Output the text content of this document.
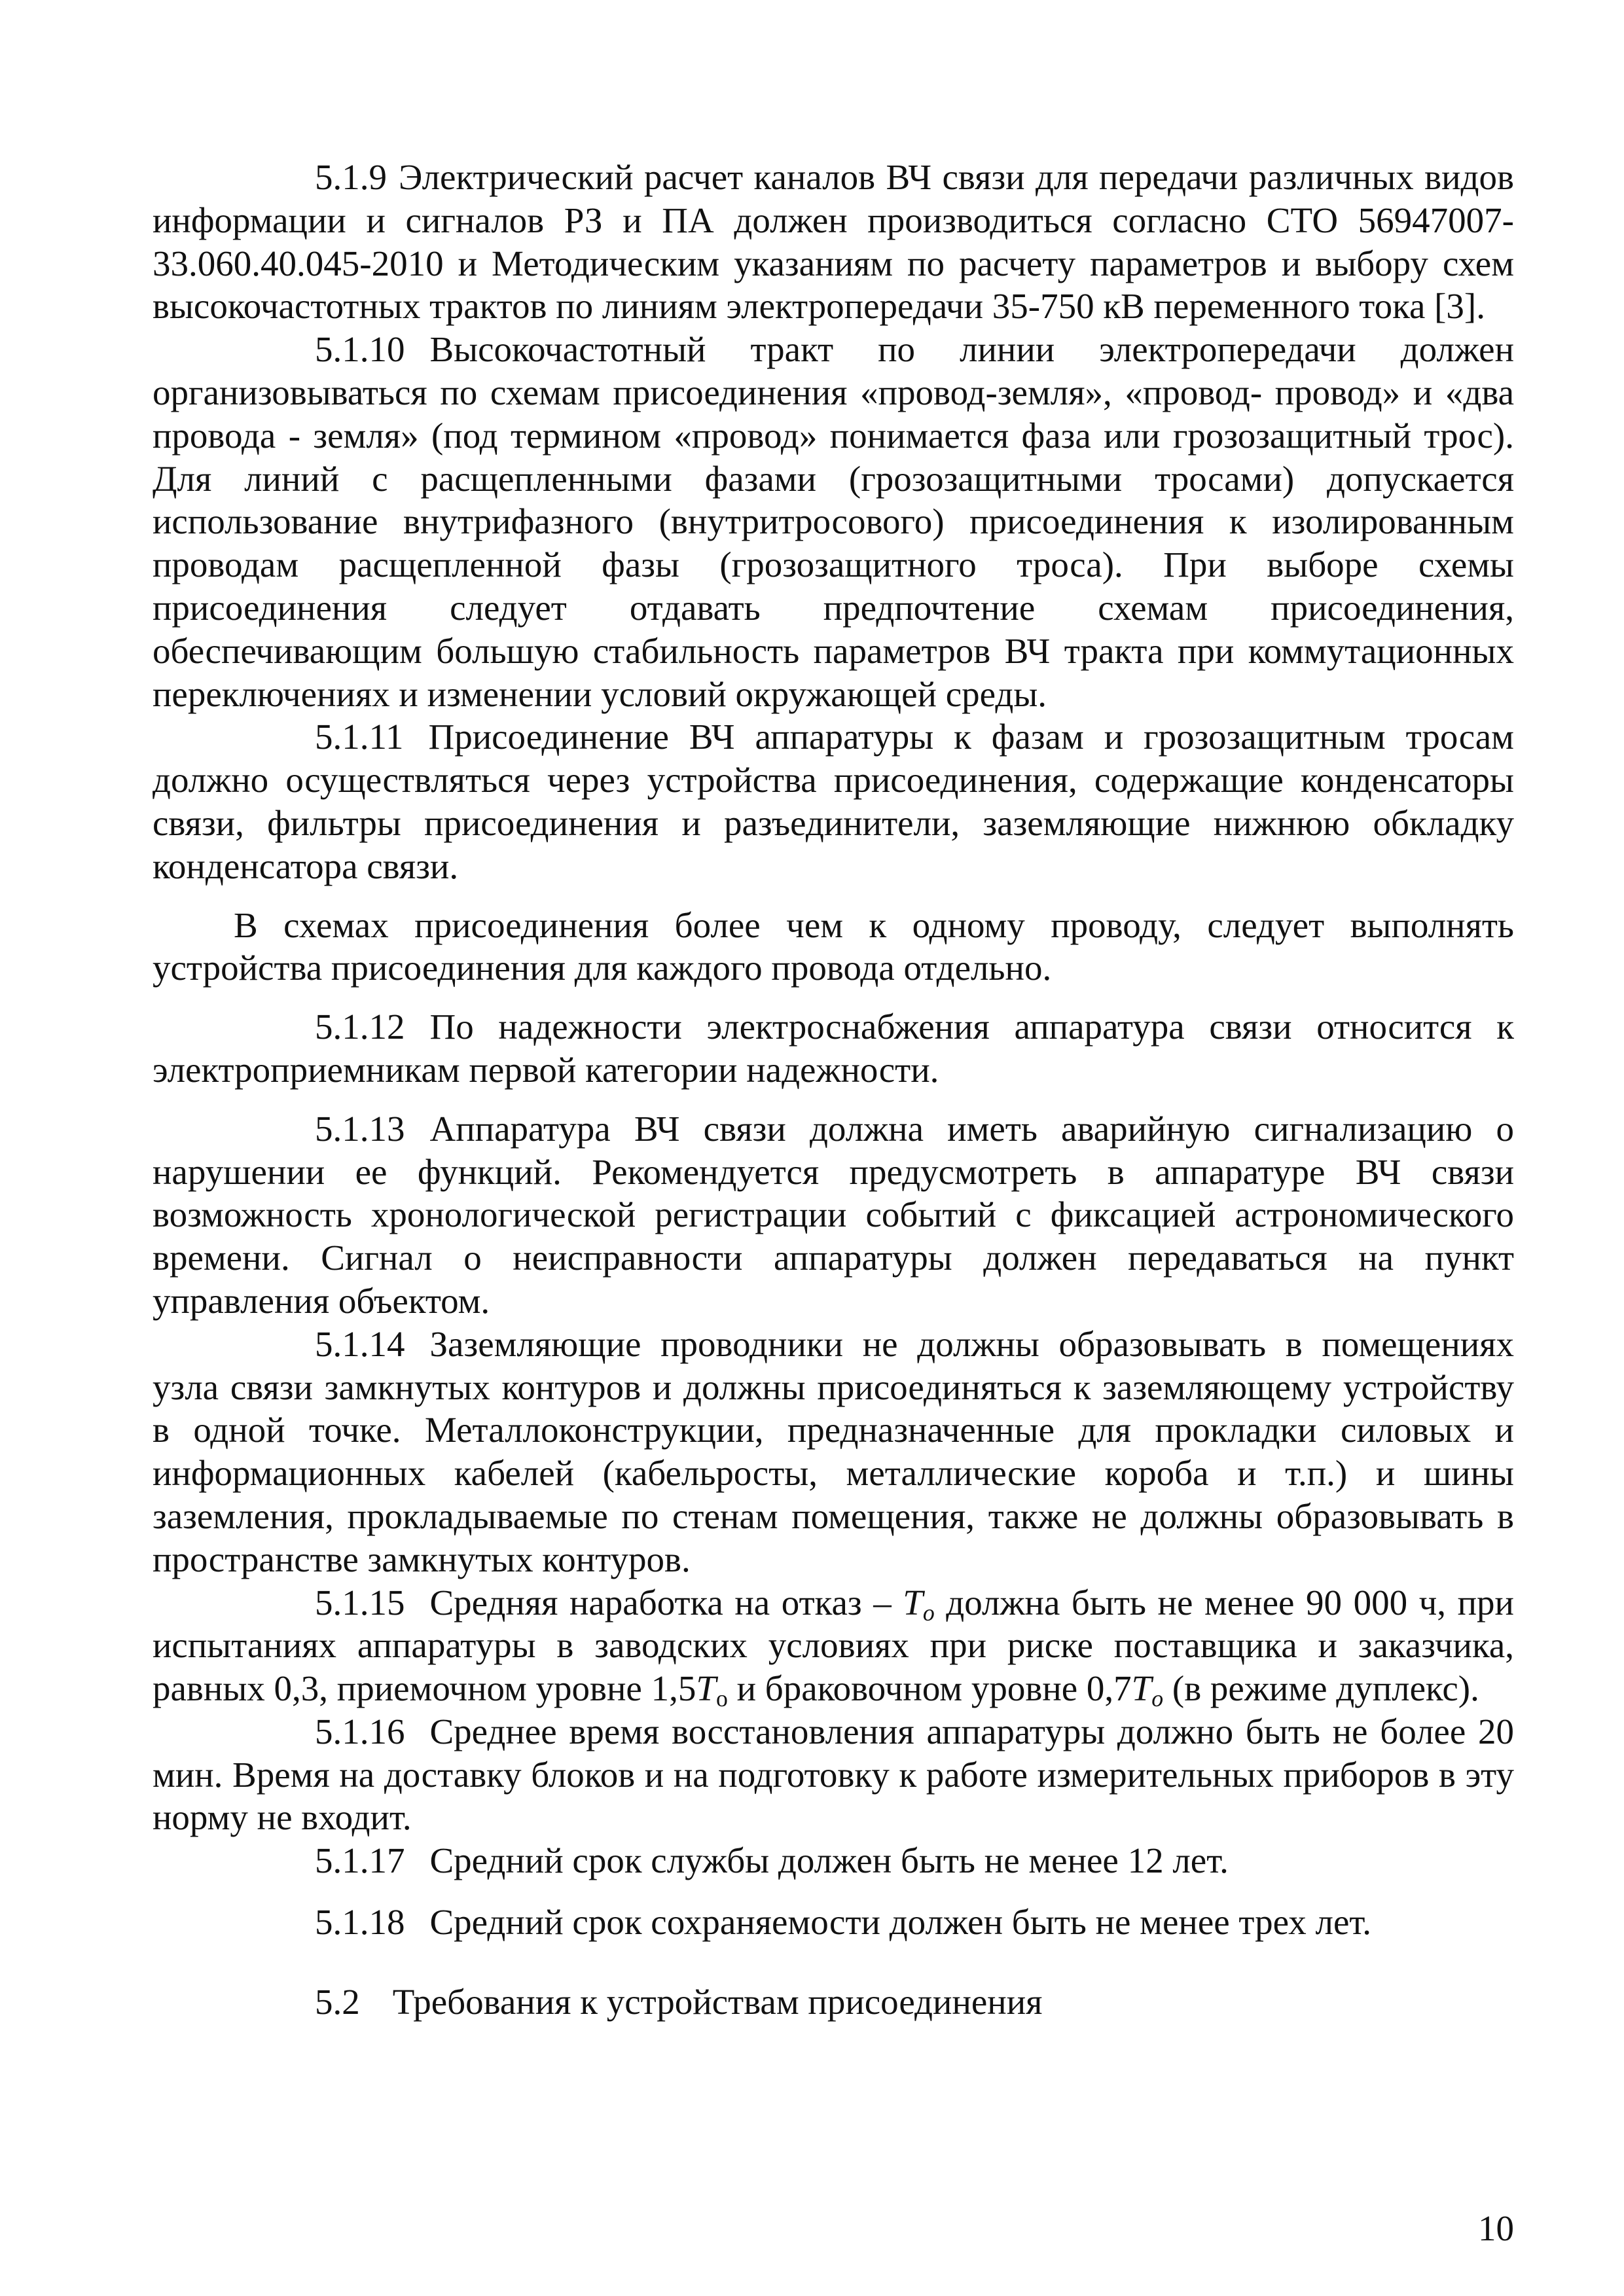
5.1.9 Электрический расчет каналов ВЧ связи для передачи различных видов информации и сигналов РЗ и ПА должен производиться согласно СТО 56947007-33.060.40.045-2010 и Методическим указаниям по расчету параметров и выбору схем высокочастотных трактов по линиям электропередачи 35-750 кВ переменного тока [3].

5.1.10 Высокочастотный тракт по линии электропередачи должен организовываться по схемам присоединения «провод-земля», «провод- провод» и «два провода - земля» (под термином «провод» понимается фаза или грозозащитный трос). Для линий с расщепленными фазами (грозозащитными тросами) допускается использование внутрифазного (внутритросового) присоединения к изолированным проводам расщепленной фазы (грозозащитного троса). При выборе схемы присоединения следует отдавать предпочтение схемам присоединения, обеспечивающим большую стабильность параметров ВЧ тракта при коммутационных переключениях и изменении условий окружающей среды.

5.1.11 Присоединение ВЧ аппаратуры к фазам и грозозащитным тросам должно осуществляться через устройства присоединения, содержащие конденсаторы связи, фильтры присоединения и разъединители, заземляющие нижнюю обкладку конденсатора связи.

В схемах присоединения более чем к одному проводу, следует выполнять устройства присоединения для каждого провода отдельно.

5.1.12 По надежности электроснабжения аппаратура связи относится к электроприемникам первой категории надежности.

5.1.13 Аппаратура ВЧ связи должна иметь аварийную сигнализацию о нарушении ее функций. Рекомендуется предусмотреть в аппаратуре ВЧ связи возможность хронологической регистрации событий с фиксацией астрономического времени. Сигнал о неисправности аппаратуры должен передаваться на пункт управления объектом.

5.1.14 Заземляющие проводники не должны образовывать в помещениях узла связи замкнутых контуров и должны присоединяться к заземляющему устройству в одной точке. Металлоконструкции, предназначенные для прокладки силовых и информационных кабелей (кабельросты, металлические короба и т.п.) и шины заземления, прокладываемые по стенам помещения, также не должны образовывать в пространстве замкнутых контуров.

5.1.15 Средняя наработка на отказ – $T_o$ должна быть не менее 90 000 ч, при испытаниях аппаратуры в заводских условиях при риске поставщика и заказчика, равных 0,3, приемочном уровне $1,5T_o$ и браковочном уровне $0,7T_o$ (в режиме дуплекс).

5.1.16 Среднее время восстановления аппаратуры должно быть не более 20 мин. Время на доставку блоков и на подготовку к работе измерительных приборов в эту норму не входит.

5.1.17 Средний срок службы должен быть не менее 12 лет.

5.1.18 Средний срок сохраняемости должен быть не менее трех лет.

5.2 Требования к устройствам присоединения

10
